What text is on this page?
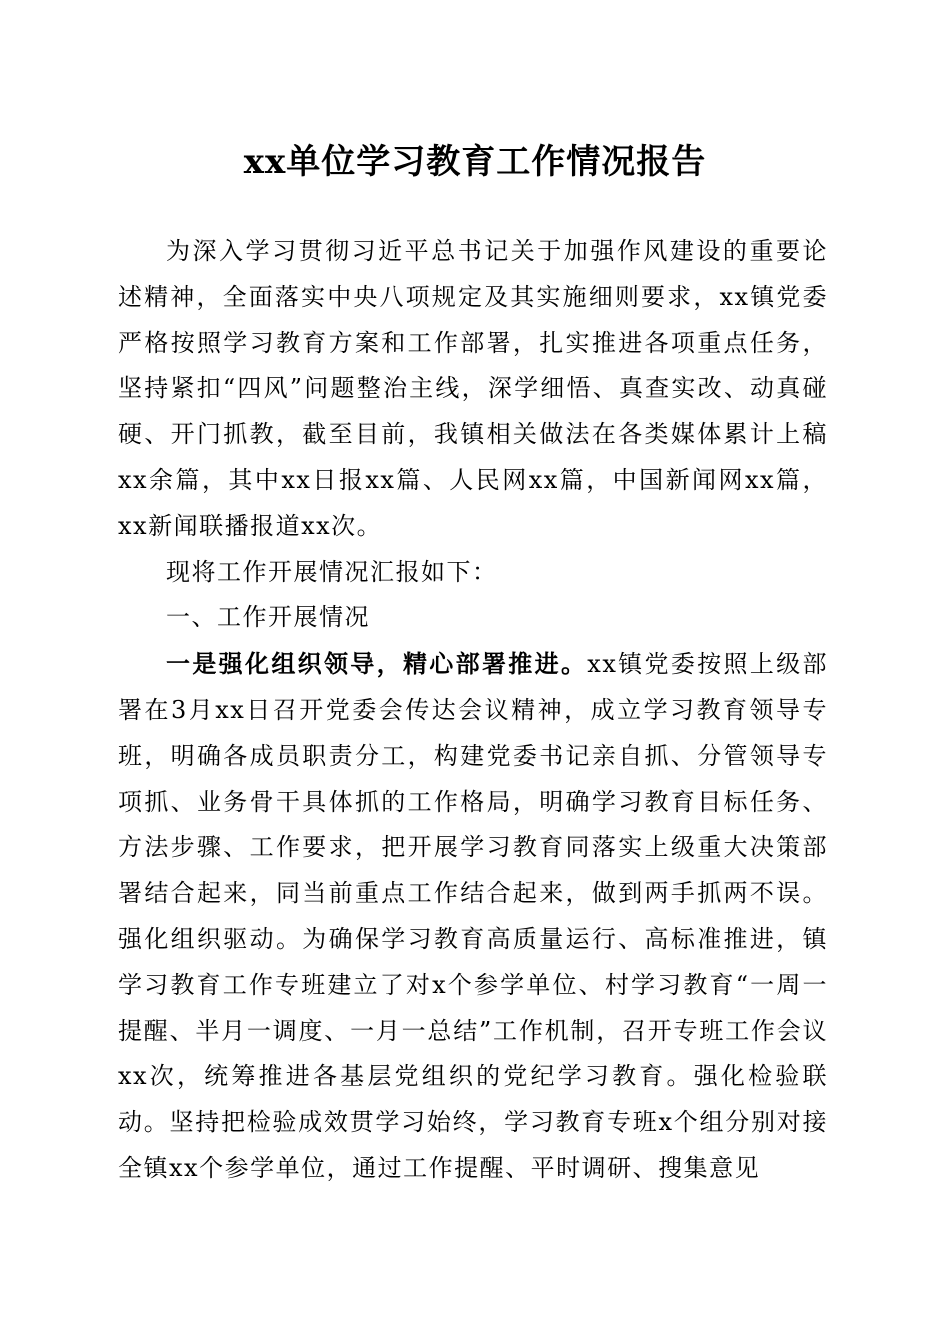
xx单位学习教育工作情况报告

为深入学习贯彻习近平总书记关于加强作风建设的重要论述精神，全面落实中央八项规定及其实施细则要求，xx镇党委严格按照学习教育方案和工作部署，扎实推进各项重点任务，坚持紧扣“四风”问题整治主线，深学细悟、真查实改、动真碰硬、开门抓教，截至目前，我镇相关做法在各类媒体累计上稿xx余篇，其中xx日报xx篇、人民网xx篇，中国新闻网xx篇，xx新闻联播报道xx次。

现将工作开展情况汇报如下：

一、工作开展情况

一是强化组织领导，精心部署推进。xx镇党委按照上级部署在3月xx日召开党委会传达会议精神，成立学习教育领导专班，明确各成员职责分工，构建党委书记亲自抓、分管领导专项抓、业务骨干具体抓的工作格局，明确学习教育目标任务、方法步骤、工作要求，把开展学习教育同落实上级重大决策部署结合起来，同当前重点工作结合起来，做到两手抓两不误。强化组织驱动。为确保学习教育高质量运行、高标准推进，镇学习教育工作专班建立了对x个参学单位、村学习教育“一周一提醒、半月一调度、一月一总结”工作机制，召开专班工作会议xx次，统筹推进各基层党组织的党纪学习教育。强化检验联动。坚持把检验成效贯学习始终，学习教育专班x个组分别对接全镇xx个参学单位，通过工作提醒、平时调研、搜集意见
